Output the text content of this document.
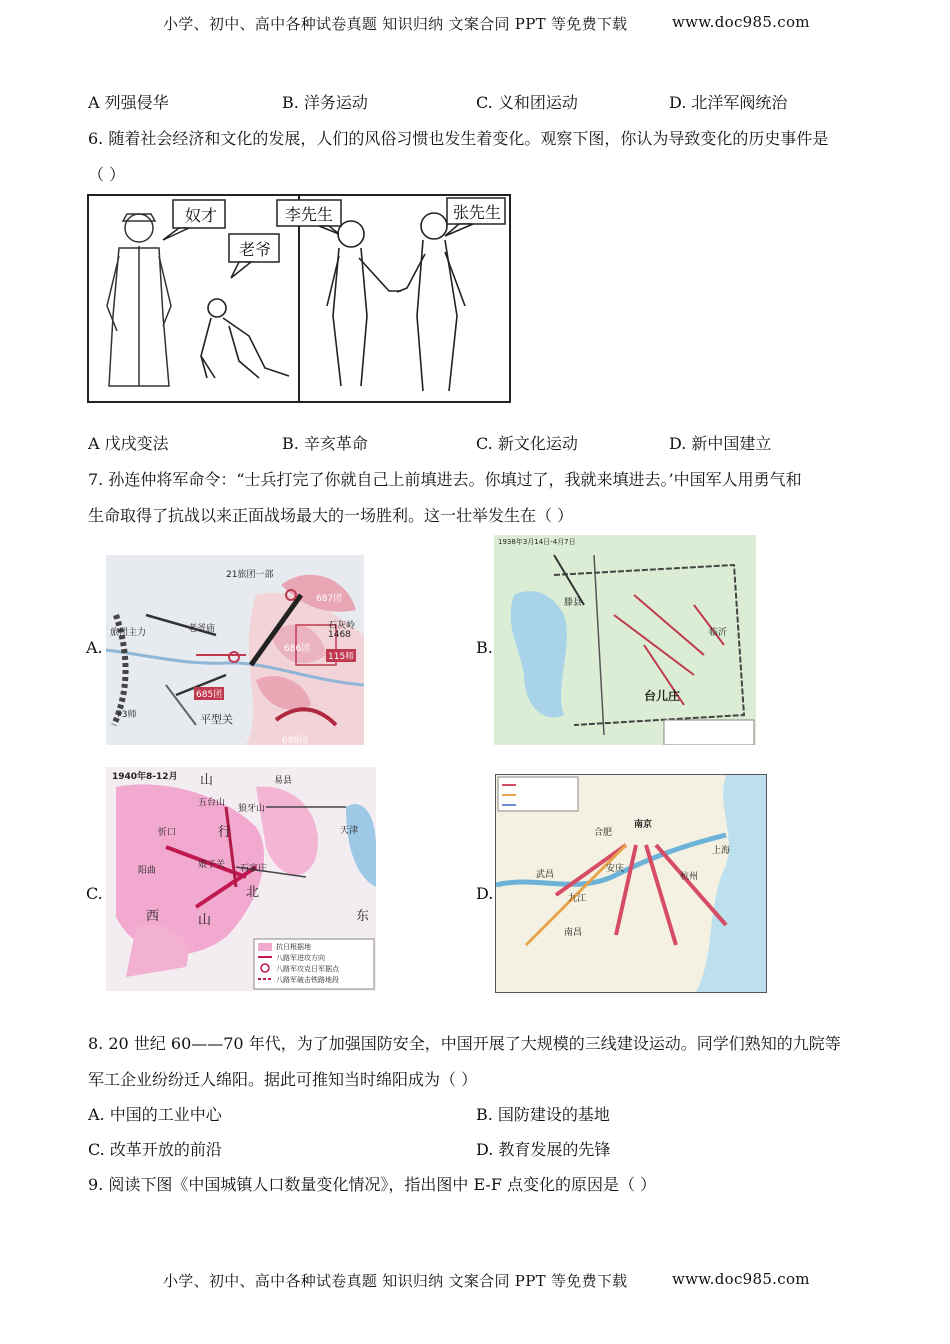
小学、初中、高中各种试卷真题 知识归纳 文案合同 PPT 等免费下载	www.doc985.com
A 列强侵华	B. 洋务运动	C. 义和团运动	D. 北洋军阀统治
6. 随着社会经济和文化的发展，人们的风俗习惯也发生着变化。观察下图，你认为导致变化的历史事件是
（ ）
奴才
老爷
李先生	张先生
A 戊戌变法	B. 辛亥革命	C. 新文化运动	D. 新中国建立
7. 孙连仲将军命令：“士兵打完了你就自己上前填进去。你填过了，我就来填进去。’中国军人用勇气和
生命取得了抗战以来正面战场最大的一场胜利。这一壮举发生在（ ）
A.	B.
C.	D.
21旅团一部
687团
旅团主力	老爷庙	石灰岭
1468
686团
115师
685团
73师	平型关
688团
1938年3月14日-4月7日
台儿庄
滕县
临沂
1940年8-12月 山	易县
五台山
狼牙山
行
忻口
娘子关 石家庄
阳曲
天津
西
北
山	东
抗日根据地
八路军进攻方向
八路军攻克日军据点
八路军破击铁路地段
南京
合肥
上海
杭州
武昌
九江
南昌
安庆
8. 20 世纪 60——70 年代，为了加强国防安全，中国开展了大规模的三线建设运动。同学们熟知的九院等
军工企业纷纷迁人绵阳。据此可推知当时绵阳成为（ ）
A. 中国的工业中心	B. 国防建设的基地
C. 改革开放的前沿	D. 教育发展的先锋
9. 阅读下图《中国城镇人口数量变化情况》，指出图中 E-F 点变化的原因是（ ）
小学、初中、高中各种试卷真题 知识归纳 文案合同 PPT 等免费下载	www.doc985.com
